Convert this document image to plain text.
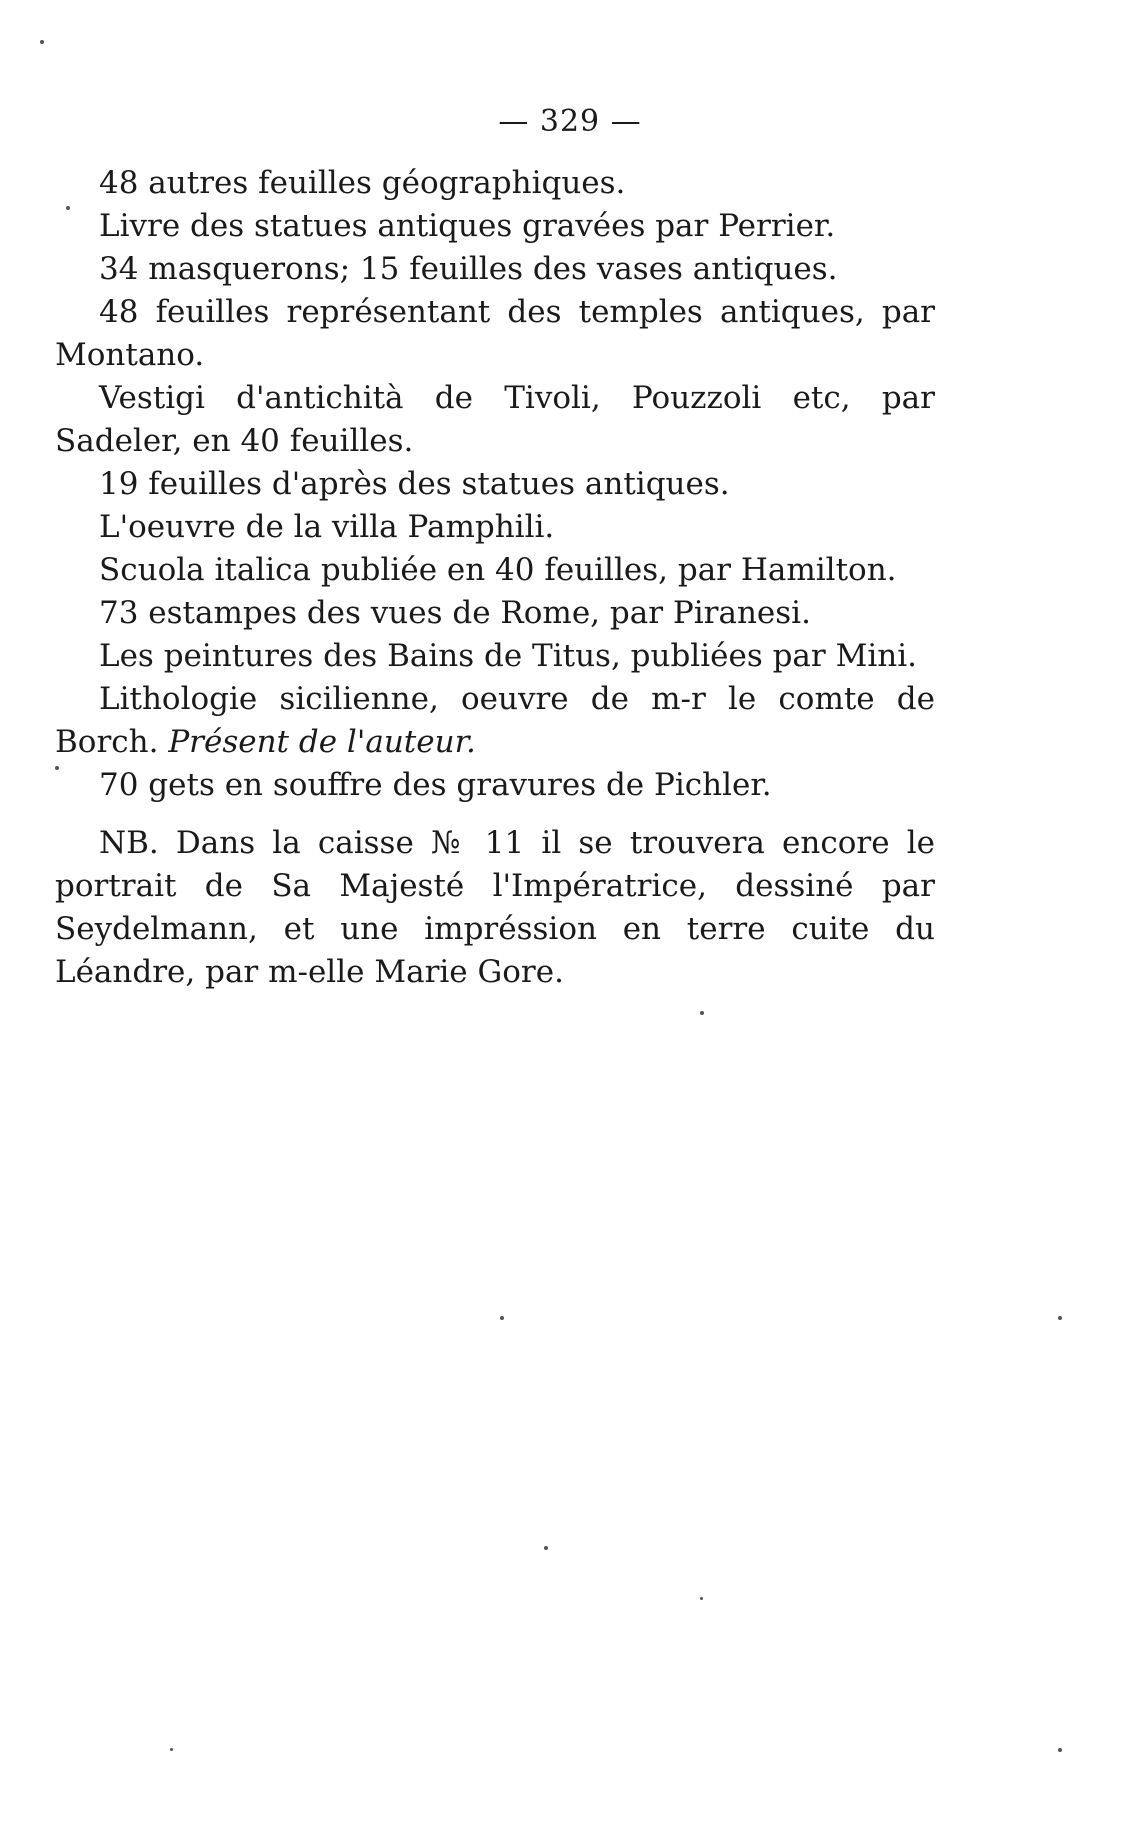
— 329 —

48 autres feuilles géographiques.

Livre des statues antiques gravées par Perrier.

34 masquerons; 15 feuilles des vases antiques.

48 feuilles représentant des temples antiques, par Montano.

Vestigi d'antichità de Tivoli, Pouzzoli etc, par Sadeler, en 40 feuilles.

19 feuilles d'après des statues antiques.

L'oeuvre de la villa Pamphili.

Scuola italica publiée en 40 feuilles, par Hamilton.

73 estampes des vues de Rome, par Piranesi.

Les peintures des Bains de Titus, publiées par Mini.

Lithologie sicilienne, oeuvre de m-r le comte de Borch. Présent de l'auteur.

70 gets en souffre des gravures de Pichler.

NB. Dans la caisse № 11 il se trouvera encore le portrait de Sa Majesté l'Impératrice, dessiné par Seydelmann, et une impréssion en terre cuite du Léandre, par m-elle Marie Gore.
